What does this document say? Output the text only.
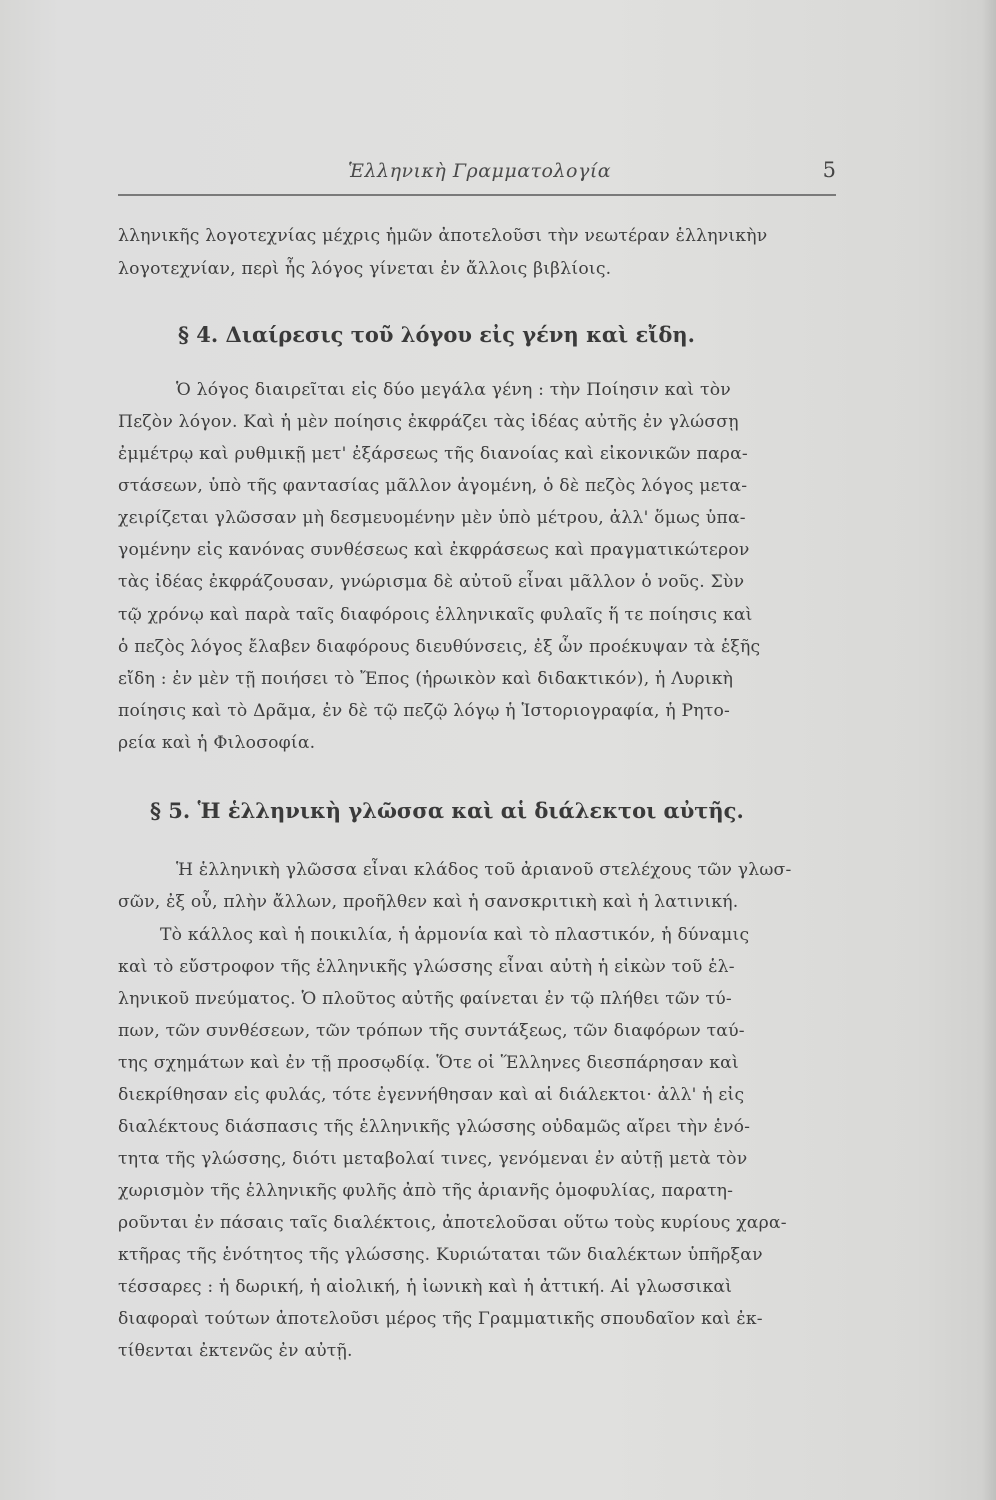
Ἑλληνικὴ Γραμματολογία	5
λληνικῆς λογοτεχνίας μέχρις ἡμῶν ἀποτελοῦσι τὴν νεωτέραν ἑλληνικὴν
λογοτεχνίαν, περὶ ἧς λόγος γίνεται ἐν ἄλλοις βιβλίοις.
§ 4. Διαίρεσις τοῦ λόγου εἰς γένη καὶ εἴδη.
Ὁ λόγος διαιρεῖται εἰς δύο μεγάλα γένη : τὴν Ποίησιν καὶ τὸν
Πεζὸν λόγον. Καὶ ἡ μὲν ποίησις ἐκφράζει τὰς ἰδέας αὐτῆς ἐν γλώσσῃ
ἐμμέτρῳ καὶ ρυθμικῇ μετ' ἐξάρσεως τῆς διανοίας καὶ εἰκονικῶν παρα-
στάσεων, ὑπὸ τῆς φαντασίας μᾶλλον ἀγομένη, ὁ δὲ πεζὸς λόγος μετα-
χειρίζεται γλῶσσαν μὴ δεσμευομένην μὲν ὑπὸ μέτρου, ἀλλ' ὅμως ὑπα-
γομένην εἰς κανόνας συνθέσεως καὶ ἐκφράσεως καὶ πραγματικώτερον
τὰς ἰδέας ἐκφράζουσαν, γνώρισμα δὲ αὐτοῦ εἶναι μᾶλλον ὁ νοῦς. Σὺν
τῷ χρόνῳ καὶ παρὰ ταῖς διαφόροις ἑλληνικαῖς φυλαῖς ἥ τε ποίησις καὶ
ὁ πεζὸς λόγος ἔλαβεν διαφόρους διευθύνσεις, ἐξ ὧν προέκυψαν τὰ ἑξῆς
εἴδη : ἐν μὲν τῇ ποιήσει τὸ Ἔπος (ἡρωικὸν καὶ διδακτικόν), ἡ Λυρικὴ
ποίησις καὶ τὸ Δρᾶμα, ἐν δὲ τῷ πεζῷ λόγῳ ἡ Ἱστοριογραφία, ἡ Ρητο-
ρεία καὶ ἡ Φιλοσοφία.
§ 5. Ἡ ἑλληνικὴ γλῶσσα καὶ αἱ διάλεκτοι αὐτῆς.
Ἡ ἑλληνικὴ γλῶσσα εἶναι κλάδος τοῦ ἀριανοῦ στελέχους τῶν γλωσ-
σῶν, ἐξ οὗ, πλὴν ἄλλων, προῆλθεν καὶ ἡ σανσκριτικὴ καὶ ἡ λατινική.
Τὸ κάλλος καὶ ἡ ποικιλία, ἡ ἁρμονία καὶ τὸ πλαστικόν, ἡ δύναμις
καὶ τὸ εὔστροφον τῆς ἑλληνικῆς γλώσσης εἶναι αὐτὴ ἡ εἰκὼν τοῦ ἑλ-
ληνικοῦ πνεύματος. Ὁ πλοῦτος αὐτῆς φαίνεται ἐν τῷ πλήθει τῶν τύ-
πων, τῶν συνθέσεων, τῶν τρόπων τῆς συντάξεως, τῶν διαφόρων ταύ-
της σχημάτων καὶ ἐν τῇ προσῳδίᾳ. Ὅτε οἱ Ἕλληνες διεσπάρησαν καὶ
διεκρίθησαν εἰς φυλάς, τότε ἐγεννήθησαν καὶ αἱ διάλεκτοι· ἀλλ' ἡ εἰς
διαλέκτους διάσπασις τῆς ἑλληνικῆς γλώσσης οὐδαμῶς αἴρει τὴν ἑνό-
τητα τῆς γλώσσης, διότι μεταβολαί τινες, γενόμεναι ἐν αὐτῇ μετὰ τὸν
χωρισμὸν τῆς ἑλληνικῆς φυλῆς ἀπὸ τῆς ἀριανῆς ὁμοφυλίας, παρατη-
ροῦνται ἐν πάσαις ταῖς διαλέκτοις, ἀποτελοῦσαι οὕτω τοὺς κυρίους χαρα-
κτῆρας τῆς ἑνότητος τῆς γλώσσης. Κυριώταται τῶν διαλέκτων ὑπῆρξαν
τέσσαρες : ἡ δωρική, ἡ αἰολική, ἡ ἰωνικὴ καὶ ἡ ἀττική. Αἱ γλωσσικαὶ
διαφοραὶ τούτων ἀποτελοῦσι μέρος τῆς Γραμματικῆς σπουδαῖον καὶ ἐκ-
τίθενται ἐκτενῶς ἐν αὐτῇ.
